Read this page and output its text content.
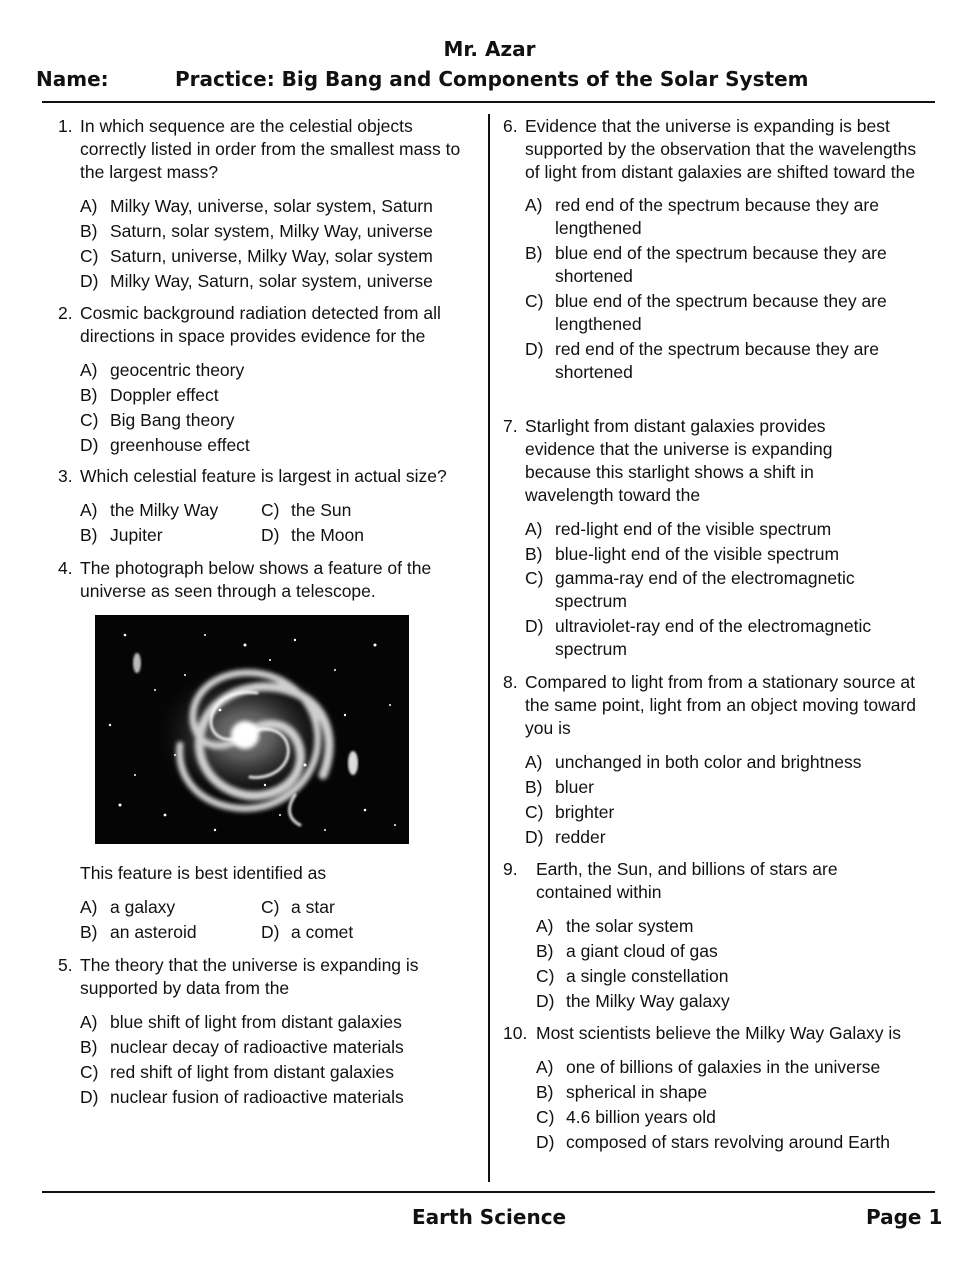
Mr. Azar
Name:	Practice: Big Bang and Components of the Solar System
1. In which sequence are the celestial objects correctly listed in order from the smallest mass to the largest mass?
A) Milky Way, universe, solar system, Saturn
B) Saturn, solar system, Milky Way, universe
C) Saturn, universe, Milky Way, solar system
D) Milky Way, Saturn, solar system, universe
2. Cosmic background radiation detected from all directions in space provides evidence for the
A) geocentric theory
B) Doppler effect
C) Big Bang theory
D) greenhouse effect
3. Which celestial feature is largest in actual size?
A) the Milky Way	C) the Sun
B) Jupiter	D) the Moon
4. The photograph below shows a feature of the universe as seen through a telescope.
This feature is best identified as
A) a galaxy	C) a star
B) an asteroid	D) a comet
5. The theory that the universe is expanding is supported by data from the
A) blue shift of light from distant galaxies
B) nuclear decay of radioactive materials
C) red shift of light from distant galaxies
D) nuclear fusion of radioactive materials
6. Evidence that the universe is expanding is best supported by the observation that the wavelengths of light from distant galaxies are shifted toward the
A) red end of the spectrum because they are lengthened
B) blue end of the spectrum because they are shortened
C) blue end of the spectrum because they are lengthened
D) red end of the spectrum because they are shortened
7. Starlight from distant galaxies provides evidence that the universe is expanding because this starlight shows a shift in wavelength toward the
A) red-light end of the visible spectrum
B) blue-light end of the visible spectrum
C) gamma-ray end of the electromagnetic spectrum
D) ultraviolet-ray end of the electromagnetic spectrum
8. Compared to light from from a stationary source at the same point, light from an object moving toward you is
A) unchanged in both color and brightness
B) bluer
C) brighter
D) redder
9. Earth, the Sun, and billions of stars are contained within
A) the solar system
B) a giant cloud of gas
C) a single constellation
D) the Milky Way galaxy
10. Most scientists believe the Milky Way Galaxy is
A) one of billions of galaxies in the universe
B) spherical in shape
C) 4.6 billion years old
D) composed of stars revolving around Earth
Earth Science	Page 1
